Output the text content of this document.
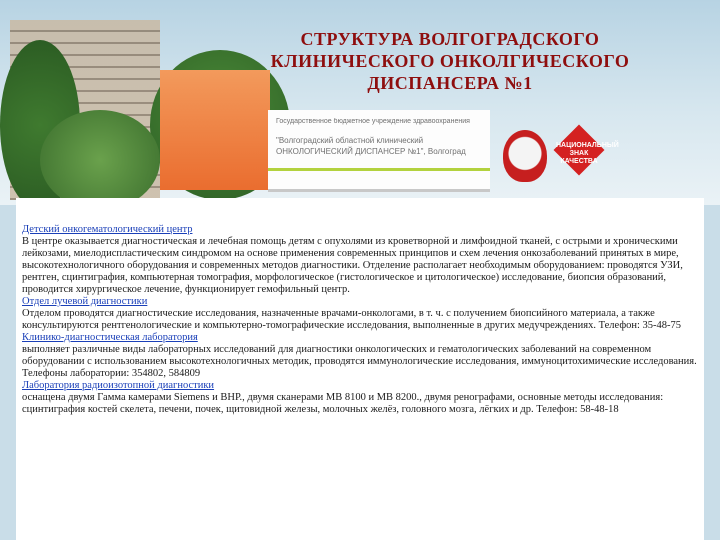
СТРУКТУРА ВОЛГОГРАДСКОГО

КЛИНИЧЕСКОГО ОНКОЛГИЧЕСКОГО

ДИСПАНСЕРА №1

Государственное бюджетное учреждение здравоохранения
"Волгоградский областной клинический
ОНКОЛОГИЧЕСКИЙ ДИСПАНСЕР №1", Волгоград
НАЦИОНАЛЬНЫЙ ЗНАК КАЧЕСТВА
Детский онкогематологический центр

В центре оказывается диагностическая и лечебная помощь детям с опухолями из кроветворной и лимфоидной тканей, с острыми и хроническими лейкозами, миелодиспластическим синдромом на основе применения современных принципов и схем лечения онкозаболеваний принятых в мире, высокотехнологичного оборудования и современных методов диагностики. Отделение располагает необходимым оборудованием: проводятся УЗИ, рентген, сцинтиграфия, компьютерная томография, морфологическое (гистологическое и цитологическое) исследование, биопсия образований, проводится хирургическое лечение, функционирует гемофильный центр.

Отдел лучевой диагностики

Отделом проводятся диагностические исследования, назначенные врачами-онкологами, в т. ч. с получением биопсийного материала, а также консультируются рентгенологические и компьютерно-томографические исследования, выполненные в других медучреждениях. Телефон: 35-48-75

Клинико-диагностическая лаборатория

выполняет различные виды лабораторных исследований для диагностики онкологических и гематологических заболеваний на современном оборудовании с использованием высокотехнологичных методик, проводятся иммунологические исследования, иммуноцитохимические исследования. Телефоны лаборатории: 354802, 584809

Лаборатория радиоизотопной диагностики

оснащена двумя Гамма камерами Siemens и ВНР., двумя сканерами МВ 8100 и МВ 8200., двумя ренографами, основные методы исследования: сцинтиграфия костей скелета, печени, почек, щитовидной железы, молочных желёз, головного мозга, лёгких и др. Телефон: 58-48-18
